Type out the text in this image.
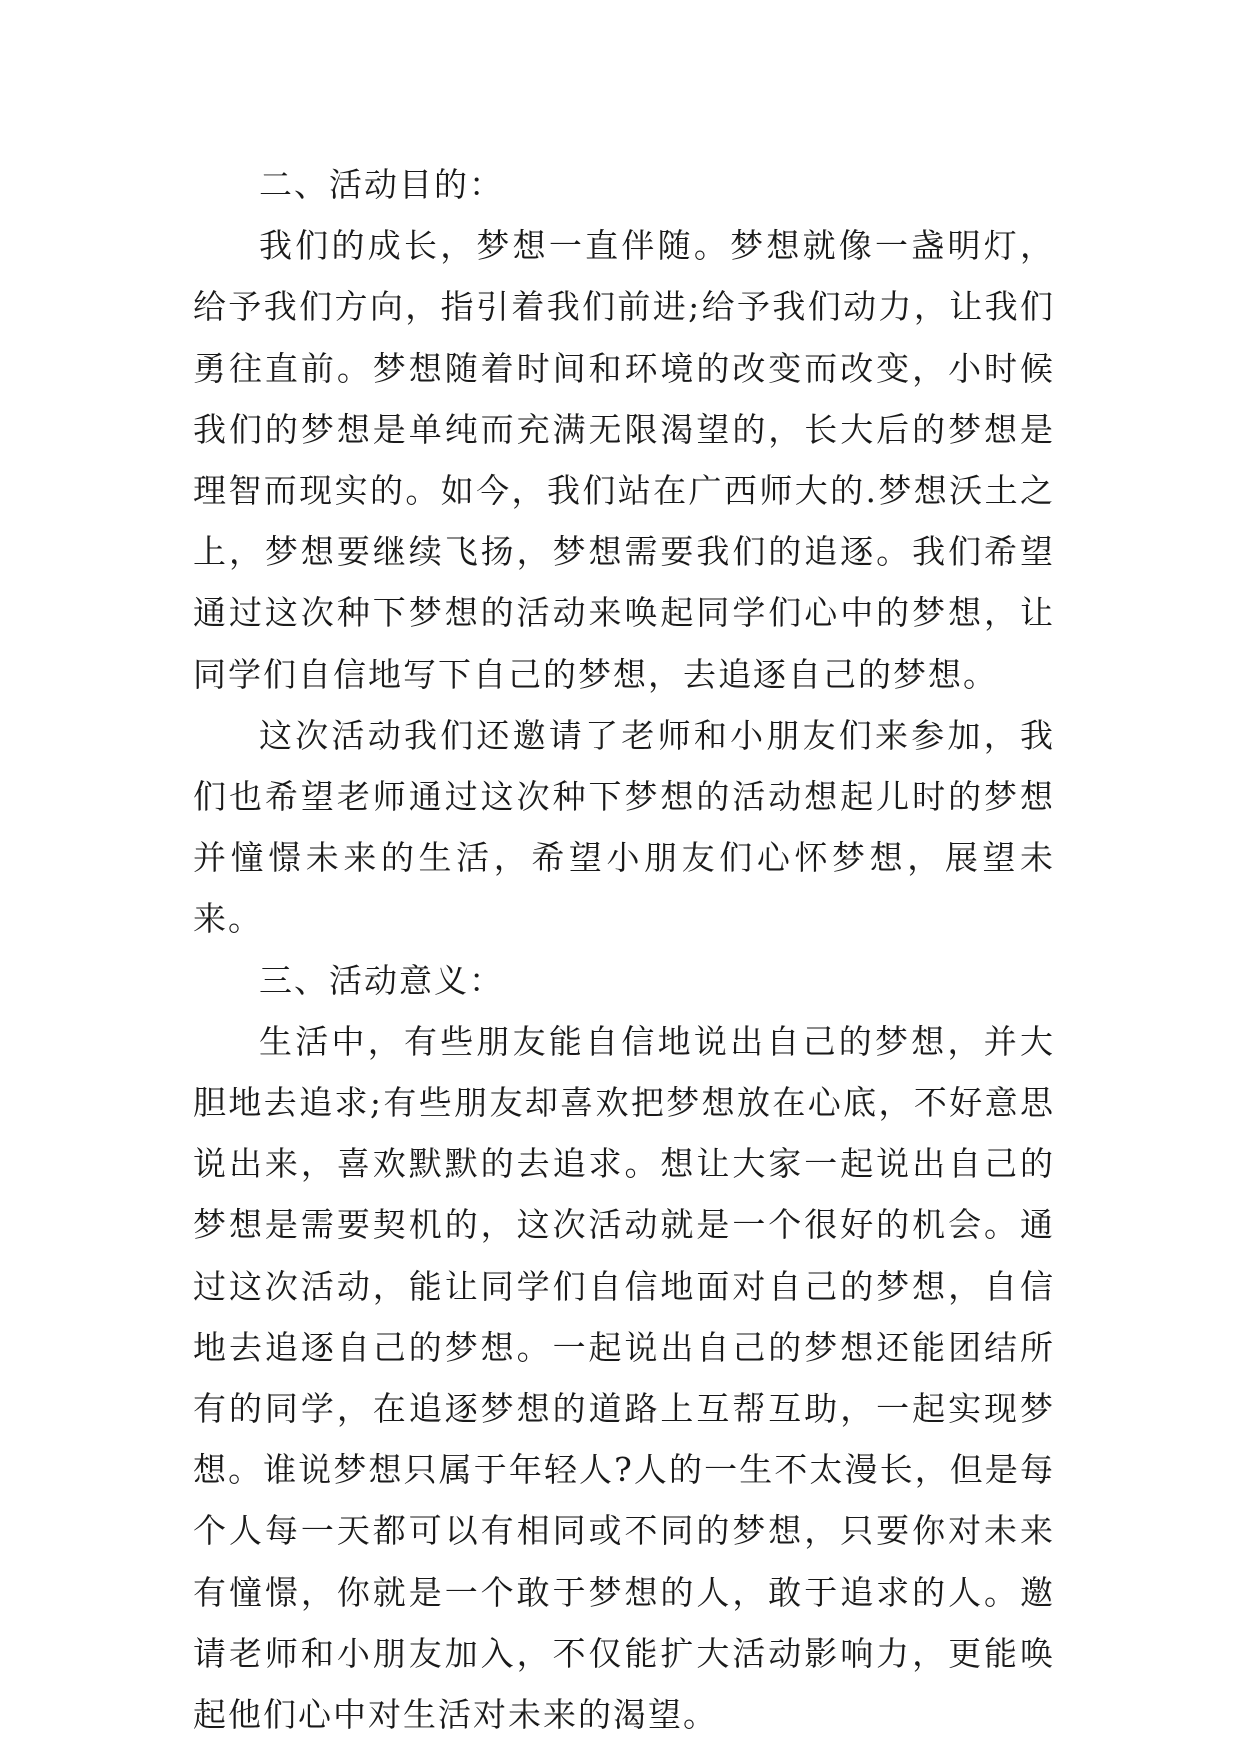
二、活动目的：

我们的成长，梦想一直伴随。梦想就像一盏明灯，给予我们方向，指引着我们前进;给予我们动力，让我们勇往直前。梦想随着时间和环境的改变而改变，小时候我们的梦想是单纯而充满无限渴望的，长大后的梦想是理智而现实的。如今，我们站在广西师大的.梦想沃土之上，梦想要继续飞扬，梦想需要我们的追逐。我们希望通过这次种下梦想的活动来唤起同学们心中的梦想，让同学们自信地写下自己的梦想，去追逐自己的梦想。

这次活动我们还邀请了老师和小朋友们来参加，我们也希望老师通过这次种下梦想的活动想起儿时的梦想并憧憬未来的生活，希望小朋友们心怀梦想，展望未来。

三、活动意义：

生活中，有些朋友能自信地说出自己的梦想，并大胆地去追求;有些朋友却喜欢把梦想放在心底，不好意思说出来，喜欢默默的去追求。想让大家一起说出自己的梦想是需要契机的，这次活动就是一个很好的机会。通过这次活动，能让同学们自信地面对自己的梦想，自信地去追逐自己的梦想。一起说出自己的梦想还能团结所有的同学，在追逐梦想的道路上互帮互助，一起实现梦想。谁说梦想只属于年轻人?人的一生不太漫长，但是每个人每一天都可以有相同或不同的梦想，只要你对未来有憧憬，你就是一个敢于梦想的人，敢于追求的人。邀请老师和小朋友加入，不仅能扩大活动影响力，更能唤起他们心中对生活对未来的渴望。
